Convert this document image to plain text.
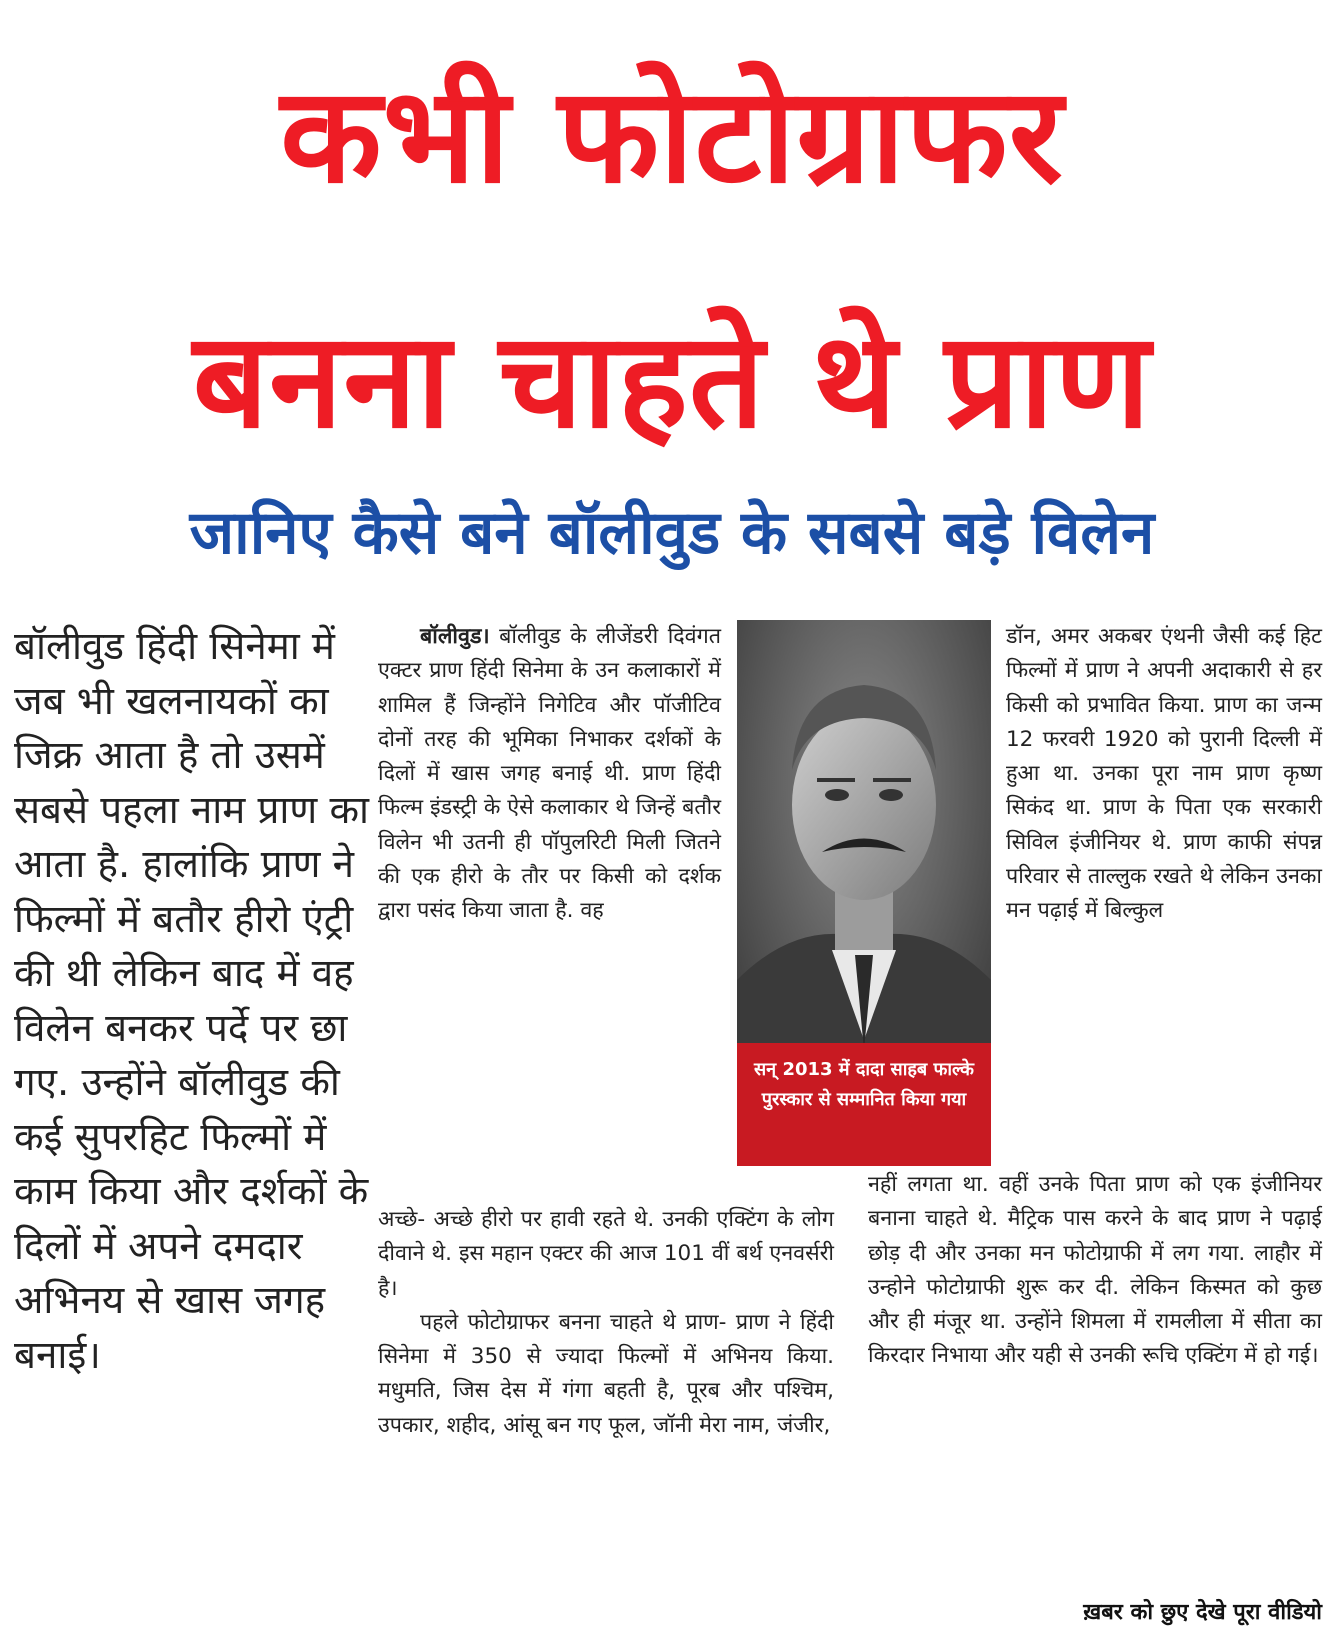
कभी फोटोग्राफर
बनना चाहते थे प्राण
जानिए कैसे बने बॉलीवुड के सबसे बड़े विलेन
बॉलीवुड हिंदी सिनेमा में जब भी खलनायकों का जिक्र आता है तो उसमें सबसे पहला नाम प्राण का आता है. हालांकि प्राण ने फिल्मों में बतौर हीरो एंट्री की थी लेकिन बाद में वह विलेन बनकर पर्दे पर छा गए. उन्होंने बॉलीवुड की कई सुपरहिट फिल्मों में काम किया और दर्शकों के दिलों में अपने दमदार अभिनय से खास जगह बनाई।

बॉलीवुड। बॉलीवुड के लीजेंडरी दिवंगत एक्टर प्राण हिंदी सिनेमा के उन कलाकारों में शामिल हैं जिन्होंने निगेटिव और पॉजीटिव दोनों तरह की भूमिका निभाकर दर्शकों के दिलों में खास जगह बनाई थी. प्राण हिंदी फिल्म इंडस्ट्री के ऐसे कलाकार थे जिन्हें बतौर विलेन भी उतनी ही पॉपुलरिटी मिली जितने की एक हीरो के तौर पर किसी को दर्शक द्वारा पसंद किया जाता है. वह

सन् 2013 में दादा साहब फाल्के पुरस्कार से सम्मानित किया गया

अच्छे- अच्छे हीरो पर हावी रहते थे. उनकी एक्टिंग के लोग दीवाने थे. इस महान एक्टर की आज 101 वीं बर्थ एनवर्सरी है।

पहले फोटोग्राफर बनना चाहते थे प्राण- प्राण ने हिंदी सिनेमा में 350 से ज्यादा फिल्मों में अभिनय किया. मधुमति, जिस देस में गंगा बहती है, पूरब और पश्चिम, उपकार, शहीद, आंसू बन गए फूल, जॉनी मेरा नाम, जंजीर,

डॉन, अमर अकबर एंथनी जैसी कई हिट फिल्मों में प्राण ने अपनी अदाकारी से हर किसी को प्रभावित किया. प्राण का जन्म 12 फरवरी 1920 को पुरानी दिल्ली में हुआ था. उनका पूरा नाम प्राण कृष्ण सिकंद था. प्राण के पिता एक सरकारी सिविल इंजीनियर थे. प्राण काफी संपन्न परिवार से ताल्लुक रखते थे लेकिन उनका मन पढ़ाई में बिल्कुल

नहीं लगता था. वहीं उनके पिता प्राण को एक इंजीनियर बनाना चाहते थे. मैट्रिक पास करने के बाद प्राण ने पढ़ाई छोड़ दी और उनका मन फोटोग्राफी में लग गया. लाहौर में उन्होने फोटोग्राफी शुरू कर दी. लेकिन किस्मत को कुछ और ही मंजूर था. उन्होंने शिमला में रामलीला में सीता का किरदार निभाया और यही से उनकी रूचि एक्टिंग में हो गई।

ख़बर को छुए देखे पूरा वीडियो
